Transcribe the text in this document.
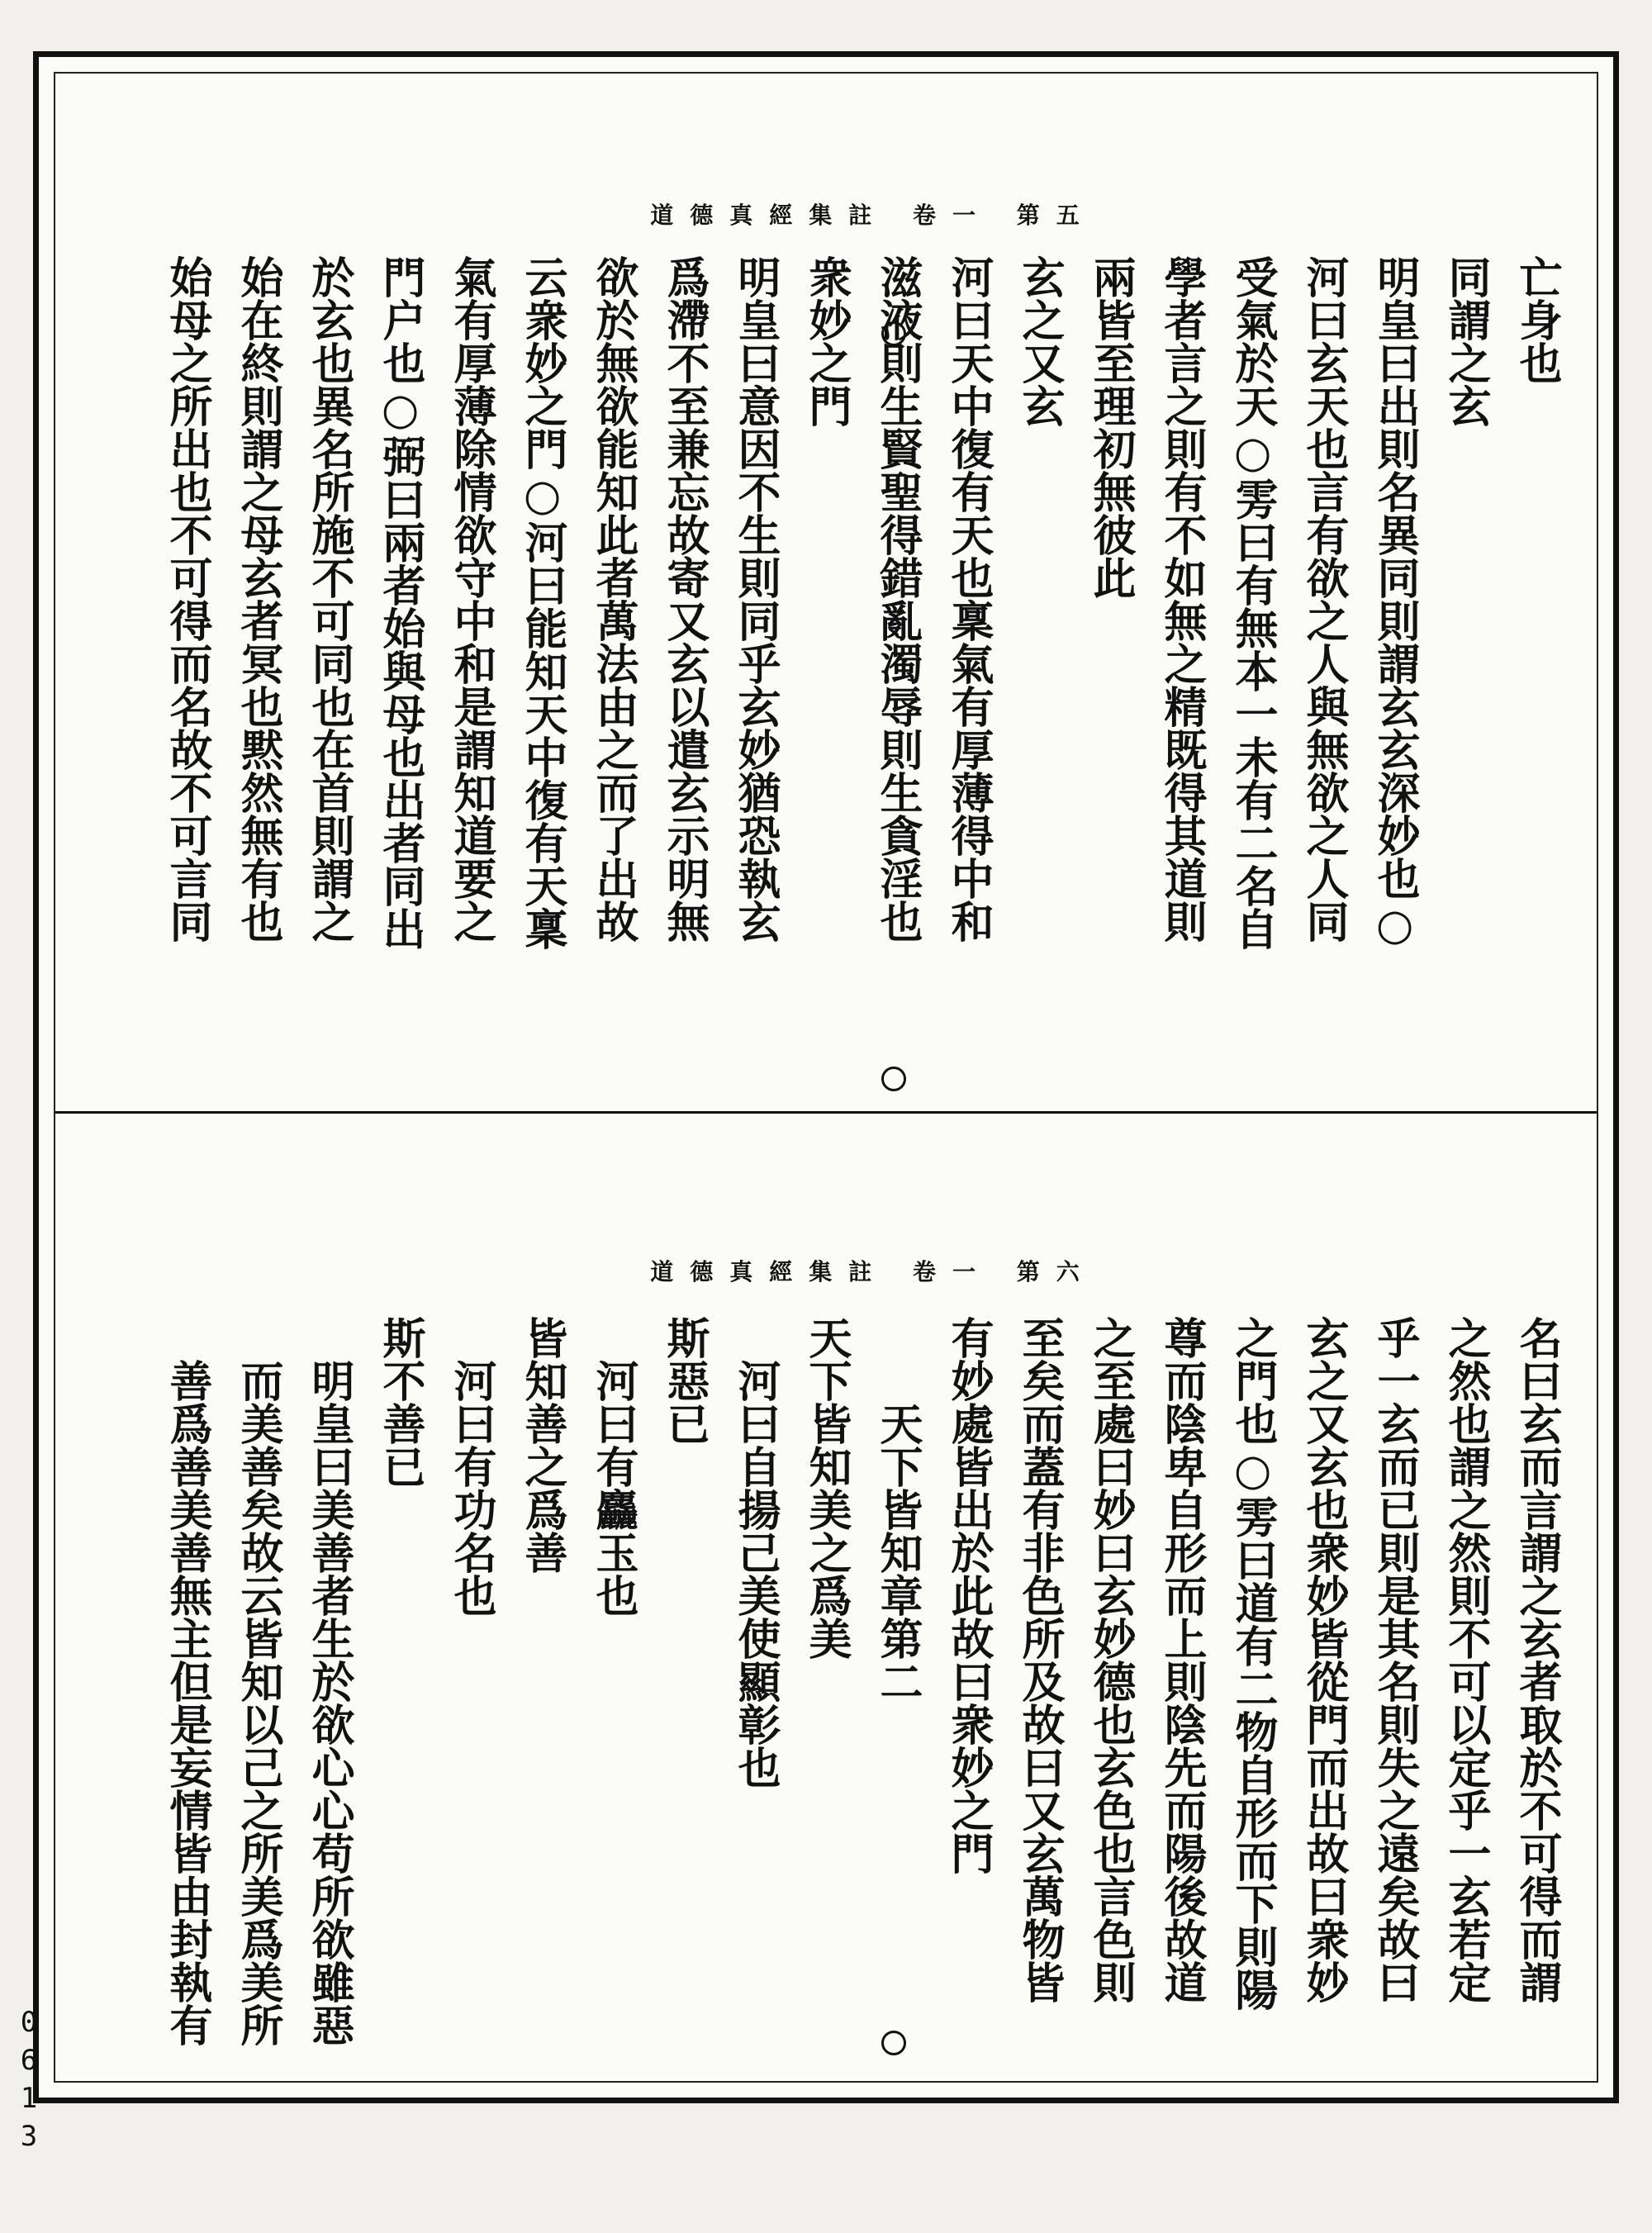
道德真經集註 卷一 第五
亡身也
同謂之玄
明皇曰出則名異同則謂玄玄深妙也○
河曰玄天也言有欲之人與無欲之人同
受氣於天○雱曰有無本一未有二名自
學者言之則有不如無之精既得其道則
兩皆至理初無彼此
玄之又玄
河曰天中復有天也稟氣有厚薄得中和
滋液則生賢聖得錯亂濁辱則生貪淫也
衆妙之門
明皇曰意因不生則同乎玄妙猶恐執玄
爲滯不至兼忘故寄又玄以遣玄示明無
欲於無欲能知此者萬法由之而了出故
云衆妙之門○河曰能知天中復有天稟
氣有厚薄除情欲守中和是謂知道要之
門户也○弼曰兩者始與母也出者同出
於玄也異名所施不可同也在首則謂之
始在終則謂之母玄者冥也黙然無有也
始母之所出也不可得而名故不可言同
道德真經集註 卷一 第六
名曰玄而言謂之玄者取於不可得而謂
之然也謂之然則不可以定乎一玄若定
乎一玄而已則是其名則失之遠矣故曰
玄之又玄也衆妙皆從門而出故曰衆妙
之門也○雱曰道有二物自形而下則陽
尊而陰卑自形而上則陰先而陽後故道
之至處曰妙曰玄妙德也玄色也言色則
至矣而蓋有非色所及故曰又玄萬物皆
有妙處皆出於此故曰衆妙之門
天下皆知章第二
天下皆知美之爲美
河曰自揚己美使顯彰也
斯惡已
河曰有麤玉也
皆知善之爲善
河曰有功名也
斯不善已
明皇曰美善者生於欲心心苟所欲雖惡
而美善矣故云皆知以己之所美爲美所
善爲善美善無主但是妄情皆由封執有
0613
